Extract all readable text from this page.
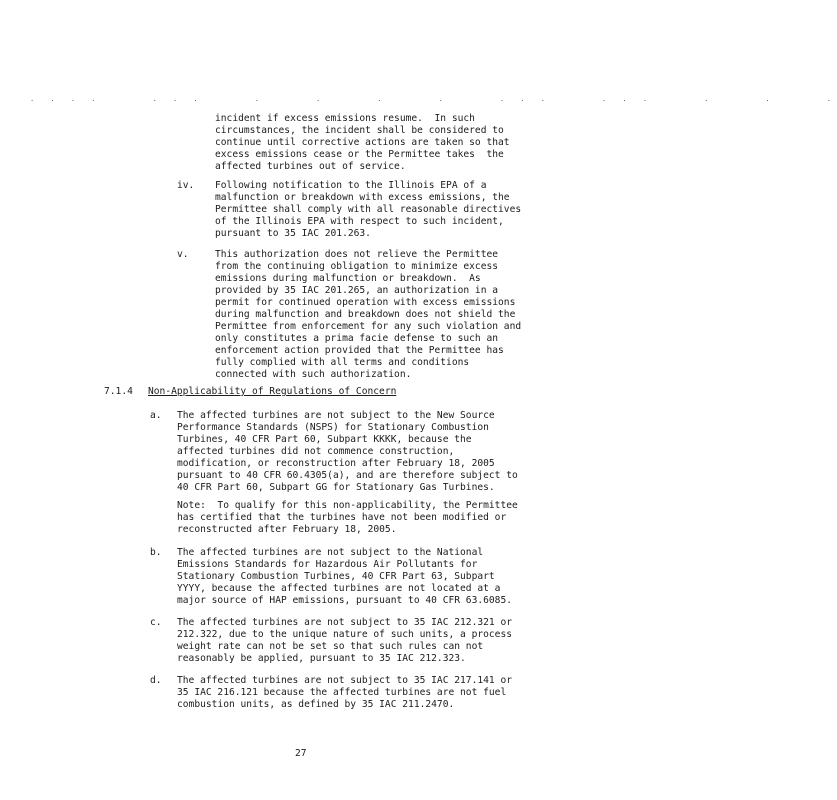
. . . .     . . .     .     .     .     .     . . .     . . .     .     .     .
incident if excess emissions resume.  In such
circumstances, the incident shall be considered to
continue until corrective actions are taken so that
excess emissions cease or the Permittee takes  the
affected turbines out of service.
iv. Following notification to the Illinois EPA of a
malfunction or breakdown with excess emissions, the
Permittee shall comply with all reasonable directives
of the Illinois EPA with respect to such incident,
pursuant to 35 IAC 201.263.
v.	This authorization does not relieve the Permittee
from the continuing obligation to minimize excess
emissions during malfunction or breakdown.  As
provided by 35 IAC 201.265, an authorization in a
permit for continued operation with excess emissions
during malfunction and breakdown does not shield the
Permittee from enforcement for any such violation and
only constitutes a prima facie defense to such an
enforcement action provided that the Permittee has
fully complied with all terms and conditions
connected with such authorization.
7.1.4 Non-Applicability of Regulations of Concern
a. The affected turbines are not subject to the New Source
Performance Standards (NSPS) for Stationary Combustion
Turbines, 40 CFR Part 60, Subpart KKKK, because the
affected turbines did not commence construction,
modification, or reconstruction after February 18, 2005
pursuant to 40 CFR 60.4305(a), and are therefore subject to
40 CFR Part 60, Subpart GG for Stationary Gas Turbines.
Note:  To qualify for this non-applicability, the Permittee
has certified that the turbines have not been modified or
reconstructed after February 18, 2005.
b. The affected turbines are not subject to the National
Emissions Standards for Hazardous Air Pollutants for
Stationary Combustion Turbines, 40 CFR Part 63, Subpart
YYYY, because the affected turbines are not located at a
major source of HAP emissions, pursuant to 40 CFR 63.6085.
c. The affected turbines are not subject to 35 IAC 212.321 or
212.322, due to the unique nature of such units, a process
weight rate can not be set so that such rules can not
reasonably be applied, pursuant to 35 IAC 212.323.
d. The affected turbines are not subject to 35 IAC 217.141 or
35 IAC 216.121 because the affected turbines are not fuel
combustion units, as defined by 35 IAC 211.2470.
27
